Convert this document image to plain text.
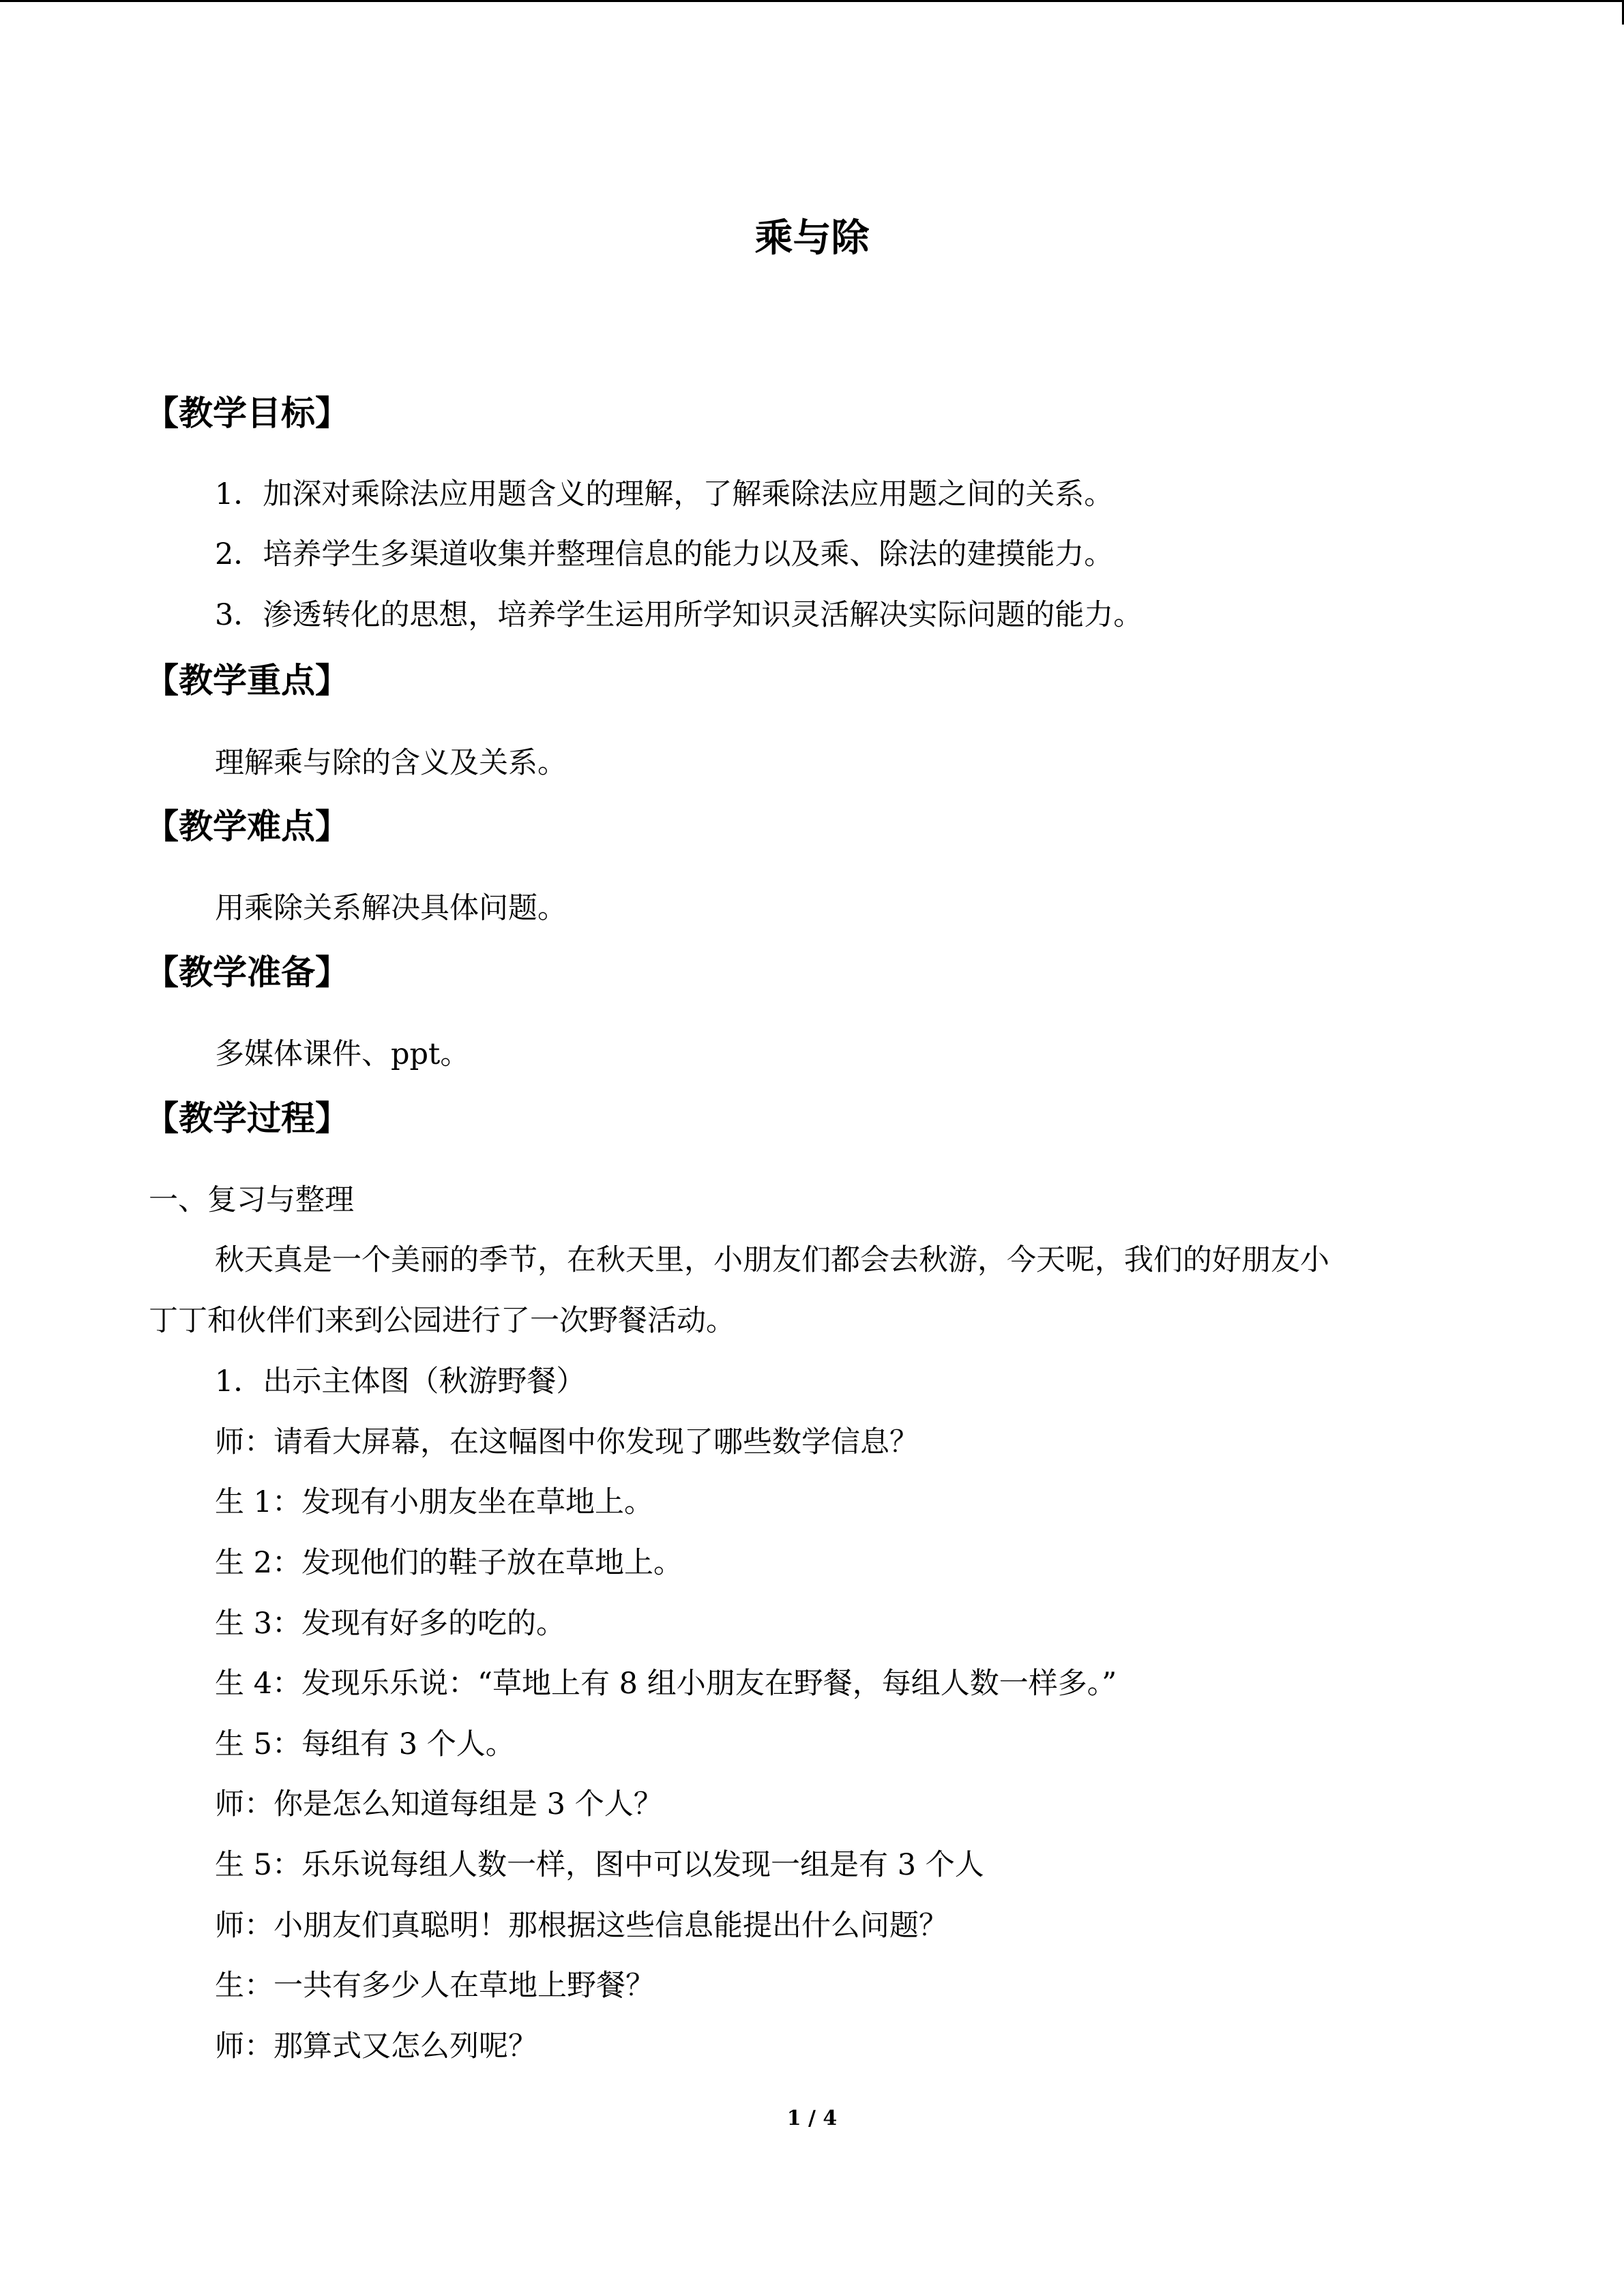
乘与除
【教学目标】
1．加深对乘除法应用题含义的理解，了解乘除法应用题之间的关系。
2．培养学生多渠道收集并整理信息的能力以及乘、除法的建摸能力。
3．渗透转化的思想，培养学生运用所学知识灵活解决实际问题的能力。
【教学重点】
理解乘与除的含义及关系。
【教学难点】
用乘除关系解决具体问题。
【教学准备】
多媒体课件、ppt。
【教学过程】
一、复习与整理
秋天真是一个美丽的季节，在秋天里，小朋友们都会去秋游，今天呢，我们的好朋友小
丁丁和伙伴们来到公园进行了一次野餐活动。
1．出示主体图（秋游野餐）
师：请看大屏幕，在这幅图中你发现了哪些数学信息？
生 1：发现有小朋友坐在草地上。
生 2：发现他们的鞋子放在草地上。
生 3：发现有好多的吃的。
生 4：发现乐乐说：“草地上有 8 组小朋友在野餐，每组人数一样多。”
生 5：每组有 3 个人。
师：你是怎么知道每组是 3 个人？
生 5：乐乐说每组人数一样，图中可以发现一组是有 3 个人
师：小朋友们真聪明！那根据这些信息能提出什么问题？
生：一共有多少人在草地上野餐？
师：那算式又怎么列呢？
1 / 4
